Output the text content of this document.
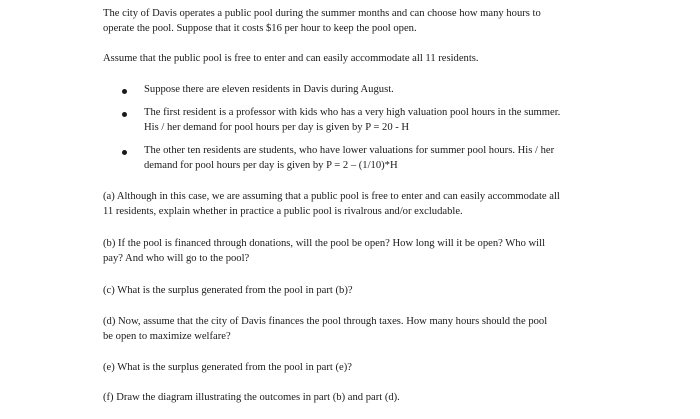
The city of Davis operates a public pool during the summer months and can choose how many hours to
operate the pool. Suppose that it costs $16 per hour to keep the pool open.
Assume that the public pool is free to enter and can easily accommodate all 11 residents.
Suppose there are eleven residents in Davis during August.
The first resident is a professor with kids who has a very high valuation pool hours in the summer.
His / her demand for pool hours per day is given by P = 20 - H
The other ten residents are students, who have lower valuations for summer pool hours. His / her
demand for pool hours per day is given by P = 2 – (1/10)*H
(a) Although in this case, we are assuming that a public pool is free to enter and can easily accommodate all
11 residents, explain whether in practice a public pool is rivalrous and/or excludable.
(b) If the pool is financed through donations, will the pool be open? How long will it be open? Who will
pay? And who will go to the pool?
(c) What is the surplus generated from the pool in part (b)?
(d) Now, assume that the city of Davis finances the pool through taxes. How many hours should the pool
be open to maximize welfare?
(e) What is the surplus generated from the pool in part (e)?
(f) Draw the diagram illustrating the outcomes in part (b) and part (d).
